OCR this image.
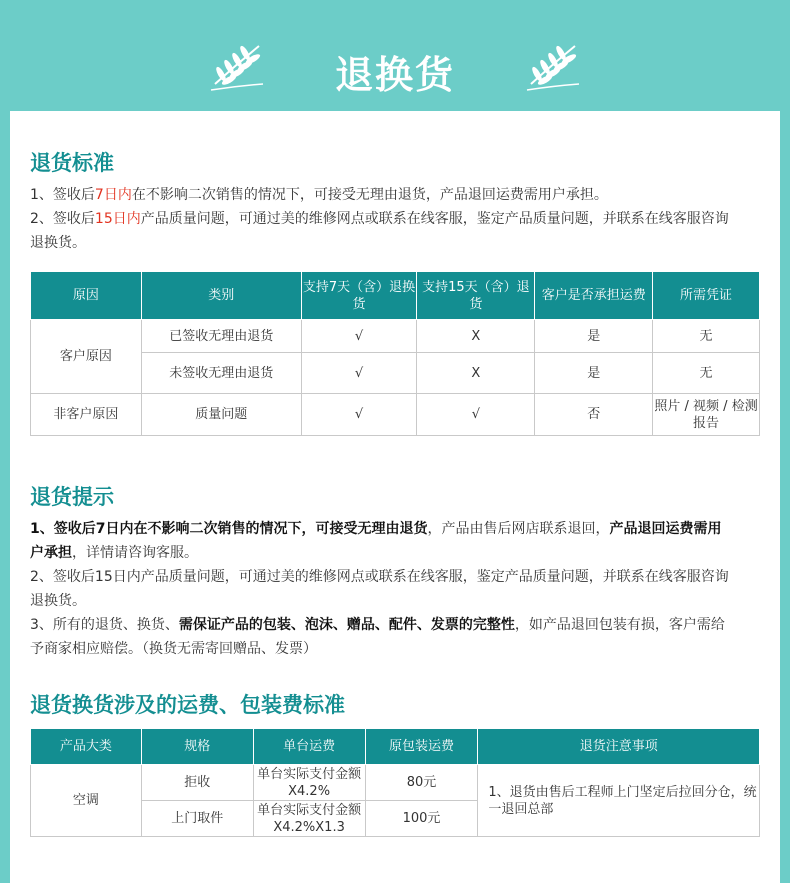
退换货
退货标准
1、签收后7日内在不影响二次销售的情况下，可接受无理由退货，产品退回运费需用户承担。
2、签收后15日内产品质量问题，可通过美的维修网点或联系在线客服，鉴定产品质量问题，并联系在线客服咨询退换货。
原因	类别	支持7天（含）退换货	支持15天（含）退货	客户是否承担运费	所需凭证
客户原因	已签收无理由退货	√	X	是	无
	未签收无理由退货	√	X	是	无
非客户原因	质量问题	√	√	否	照片 / 视频 / 检测报告
退货提示
1、签收后7日内在不影响二次销售的情况下，可接受无理由退货，产品由售后网店联系退回，产品退回运费需用户承担，详情请咨询客服。
2、签收后15日内产品质量问题，可通过美的维修网点或联系在线客服，鉴定产品质量问题，并联系在线客服咨询退换货。
3、所有的退货、换货、需保证产品的包装、泡沫、赠品、配件、发票的完整性，如产品退回包装有损，客户需给予商家相应赔偿。（换货无需寄回赠品、发票）
退货换货涉及的运费、包装费标准
产品大类	规格	单台运费	原包装运费	退货注意事项
空调	拒收	单台实际支付金额X4.2%	80元	1、退货由售后工程师上门坚定后拉回分仓，统一退回总部
	上门取件	单台实际支付金额X4.2%X1.3	100元	
